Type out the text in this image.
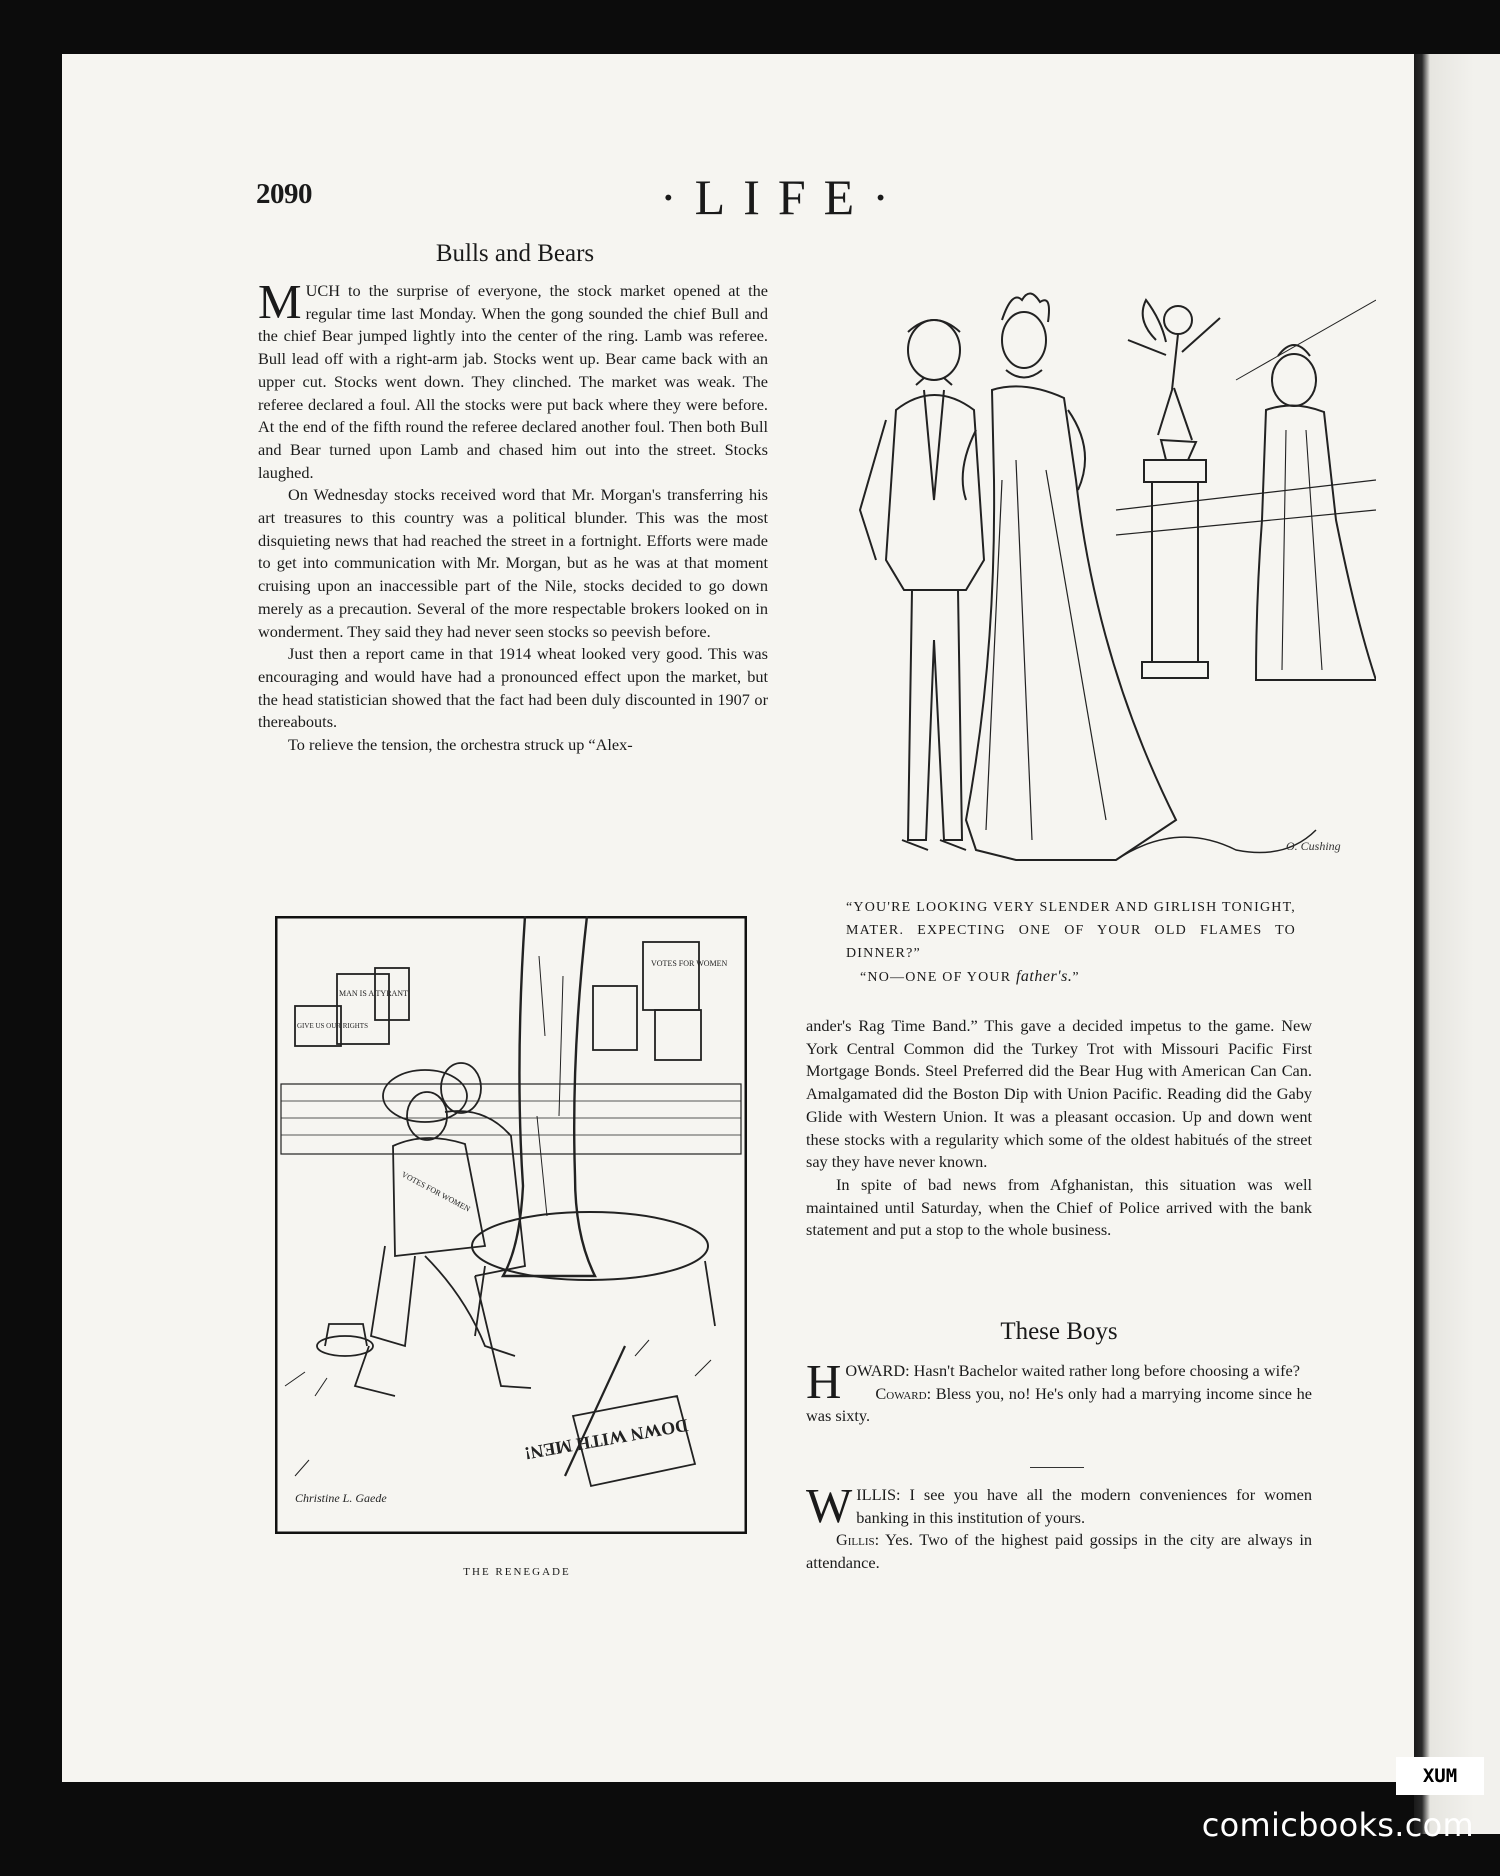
2090	·LIFE·
Bulls and Bears

MUCH to the surprise of everyone, the stock market opened at the regular time last Monday. When the gong sounded the chief Bull and the chief Bear jumped lightly into the center of the ring. Lamb was referee. Bull lead off with a right-arm jab. Stocks went up. Bear came back with an upper cut. Stocks went down. They clinched. The market was weak. The referee declared a foul. All the stocks were put back where they were before. At the end of the fifth round the referee declared another foul. Then both Bull and Bear turned upon Lamb and chased him out into the street. Stocks laughed.

On Wednesday stocks received word that Mr. Morgan's transferring his art treasures to this country was a political blunder. This was the most disquieting news that had reached the street in a fortnight. Efforts were made to get into communication with Mr. Morgan, but as he was at that moment cruising upon an inaccessible part of the Nile, stocks decided to go down merely as a precaution. Several of the more respectable brokers looked on in wonderment. They said they had never seen stocks so peevish before.

Just then a report came in that 1914 wheat looked very good. This was encouraging and would have had a pronounced effect upon the market, but the head statistician showed that the fact had been duly discounted in 1907 or thereabouts.

To relieve the tension, the orchestra struck up “Alex-

O. Cushing

“YOU'RE LOOKING VERY SLENDER AND GIRLISH TONIGHT, MATER. EXPECTING ONE OF YOUR OLD FLAMES TO DINNER?”

“NO—ONE OF YOUR father's.”

VOTES FOR WOMEN
MAN IS A TYRANT
GIVE US OUR RIGHTS
VOTES FOR WOMEN
DOWN WITH MEN!
Christine L. Gaede
THE RENEGADE

ander's Rag Time Band.” This gave a decided impetus to the game. New York Central Common did the Turkey Trot with Missouri Pacific First Mortgage Bonds. Steel Preferred did the Bear Hug with American Can Can. Amalgamated did the Boston Dip with Union Pacific. Reading did the Gaby Glide with Western Union. It was a pleasant occasion. Up and down went these stocks with a regularity which some of the oldest habitués of the street say they have never known.

In spite of bad news from Afghanistan, this situation was well maintained until Saturday, when the Chief of Police arrived with the bank statement and put a stop to the whole business.

These Boys

HOWARD: Hasn't Bachelor waited rather long before choosing a wife?

Coward: Bless you, no! He's only had a marrying income since he was sixty.

WILLIS: I see you have all the modern conveniences for women banking in this institution of yours.

Gillis: Yes. Two of the highest paid gossips in the city are always in attendance.

XUM
comicbooks.com
